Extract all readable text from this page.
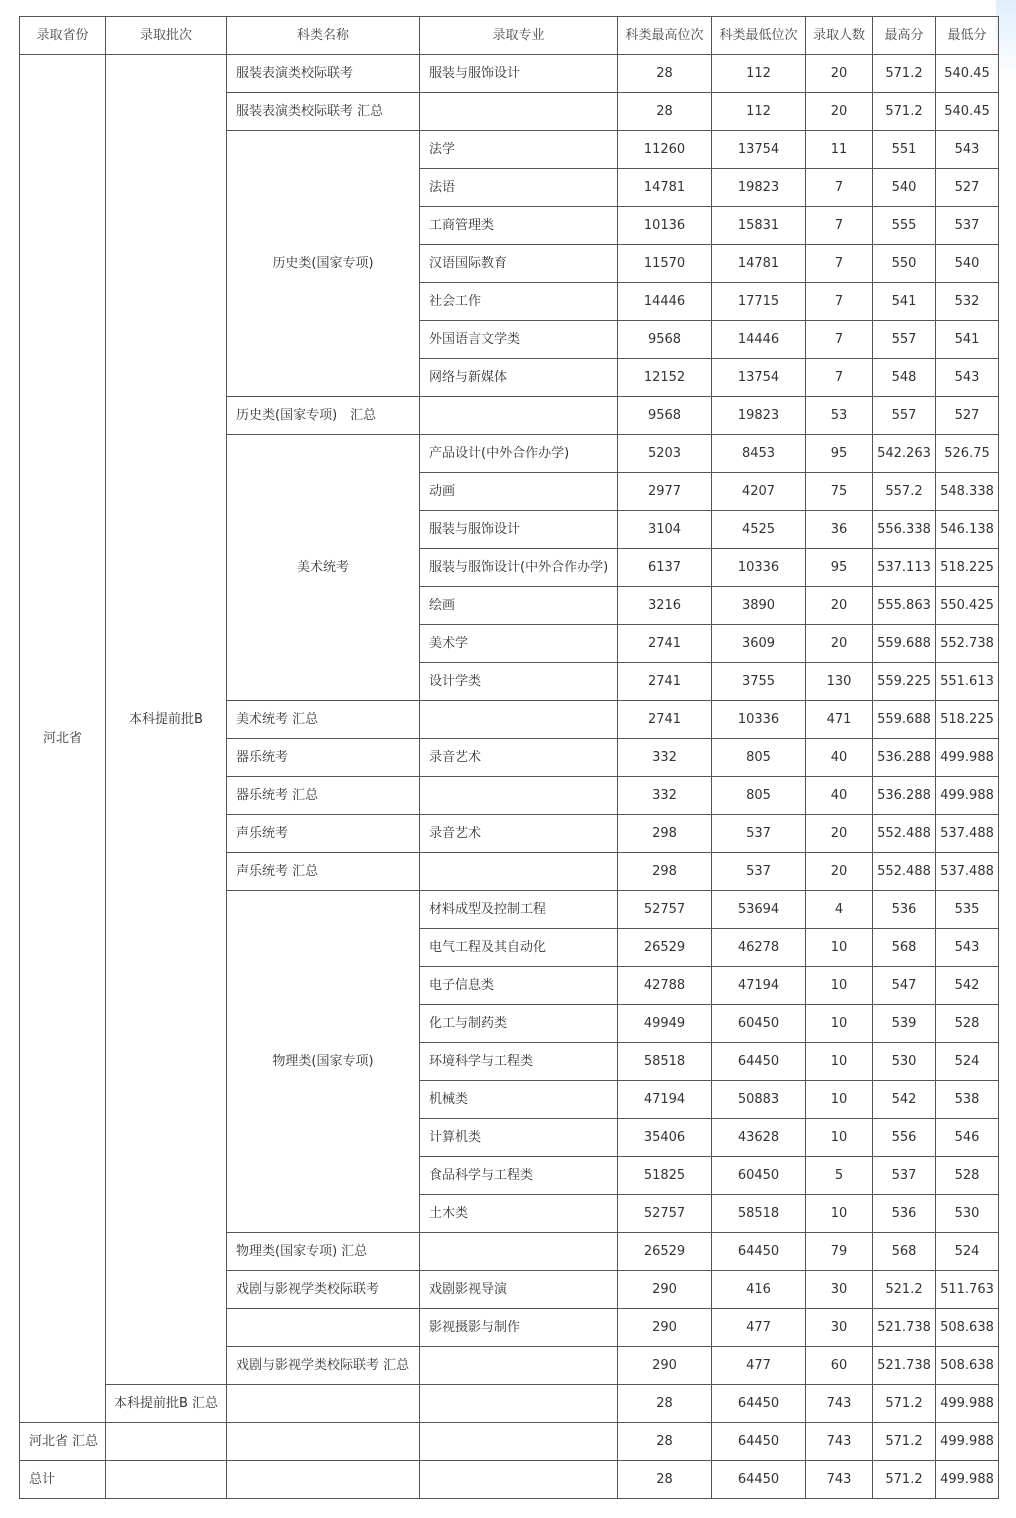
录取省份	录取批次	科类名称	录取专业	科类最高位次	科类最低位次	录取人数	最高分	最低分
河北省	本科提前批B	服装表演类校际联考	服装与服饰设计	28	112	20	571.2	540.45
		服装表演类校际联考 汇总		28	112	20	571.2	540.45
		历史类(国家专项)	法学	11260	13754	11	551	543
			法语	14781	19823	7	540	527
			工商管理类	10136	15831	7	555	537
			汉语国际教育	11570	14781	7	550	540
			社会工作	14446	17715	7	541	532
			外国语言文学类	9568	14446	7	557	541
			网络与新媒体	12152	13754	7	548	543
		历史类(国家专项)　汇总		9568	19823	53	557	527
		美术统考	产品设计(中外合作办学)	5203	8453	95	542.263	526.75
			动画	2977	4207	75	557.2	548.338
			服装与服饰设计	3104	4525	36	556.338	546.138
			服装与服饰设计(中外合作办学)	6137	10336	95	537.113	518.225
			绘画	3216	3890	20	555.863	550.425
			美术学	2741	3609	20	559.688	552.738
			设计学类	2741	3755	130	559.225	551.613
		美术统考 汇总		2741	10336	471	559.688	518.225
		器乐统考	录音艺术	332	805	40	536.288	499.988
		器乐统考 汇总		332	805	40	536.288	499.988
		声乐统考	录音艺术	298	537	20	552.488	537.488
		声乐统考 汇总		298	537	20	552.488	537.488
		物理类(国家专项)	材料成型及控制工程	52757	53694	4	536	535
			电气工程及其自动化	26529	46278	10	568	543
			电子信息类	42788	47194	10	547	542
			化工与制药类	49949	60450	10	539	528
			环境科学与工程类	58518	64450	10	530	524
			机械类	47194	50883	10	542	538
			计算机类	35406	43628	10	556	546
			食品科学与工程类	51825	60450	5	537	528
			土木类	52757	58518	10	536	530
		物理类(国家专项) 汇总		26529	64450	79	568	524
		戏剧与影视学类校际联考	戏剧影视导演	290	416	30	521.2	511.763
			影视摄影与制作	290	477	30	521.738	508.638
		戏剧与影视学类校际联考 汇总		290	477	60	521.738	508.638
	本科提前批B 汇总			28	64450	743	571.2	499.988
河北省 汇总				28	64450	743	571.2	499.988
总计				28	64450	743	571.2	499.988
